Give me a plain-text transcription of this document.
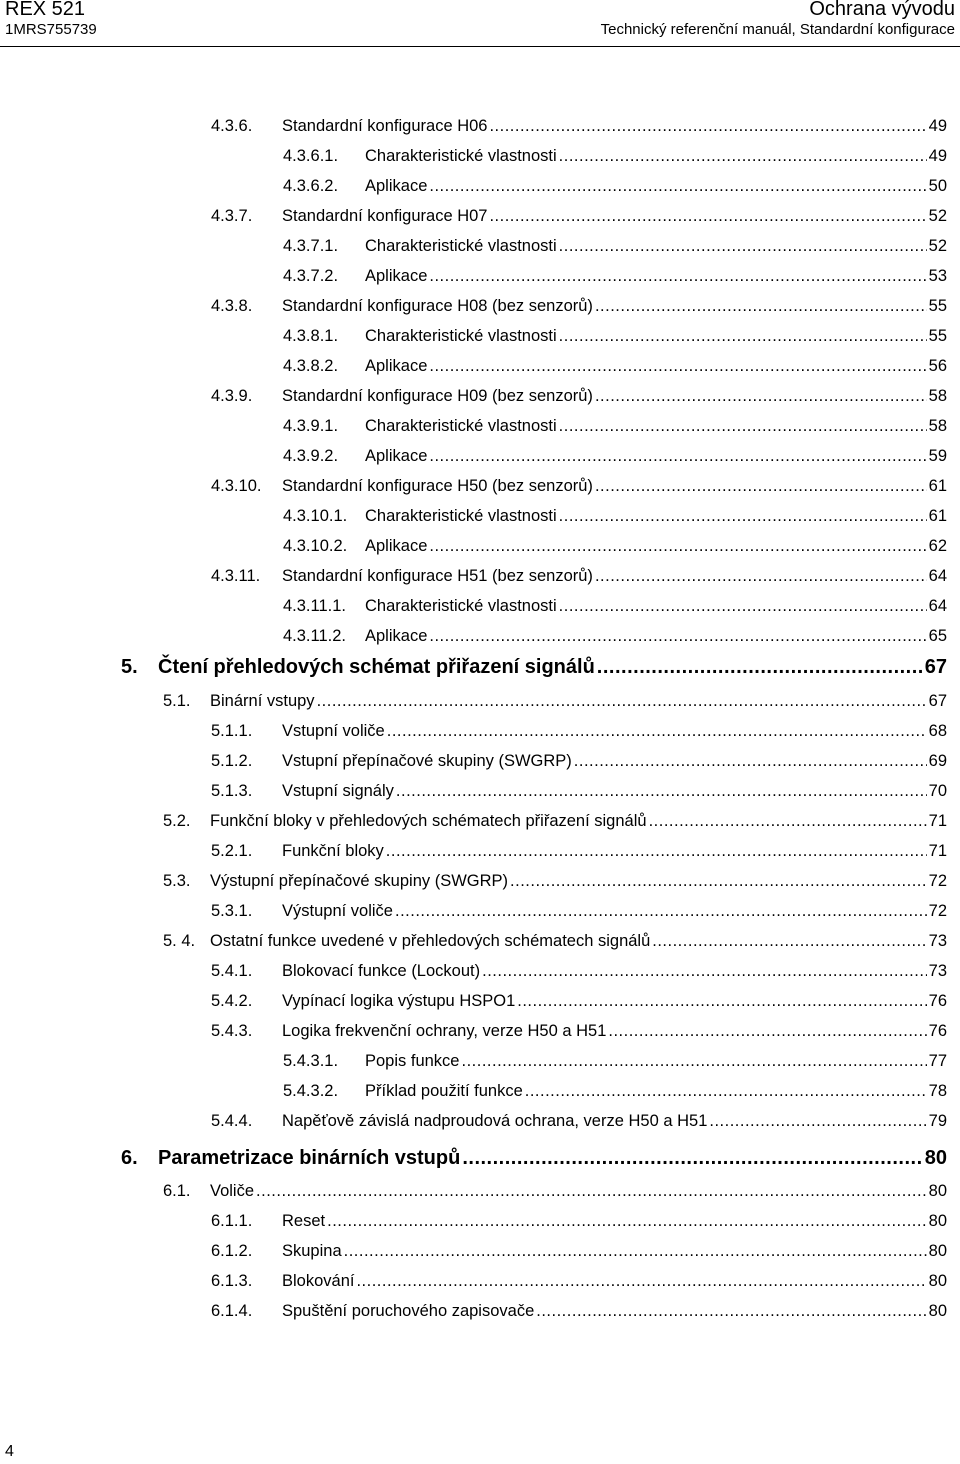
REX 521
1MRS755739
Ochrana vývodu
Technický referenční manuál, Standardní konfigurace
4.3.6.	Standardní konfigurace H06 .....	49
4.3.6.1.	Charakteristické vlastnosti .....	49
4.3.6.2.	Aplikace .....	50
4.3.7.	Standardní konfigurace H07 .....	52
4.3.7.1.	Charakteristické vlastnosti .....	52
4.3.7.2.	Aplikace .....	53
4.3.8.	Standardní konfigurace H08 (bez senzorů) .....	55
4.3.8.1.	Charakteristické vlastnosti .....	55
4.3.8.2.	Aplikace .....	56
4.3.9.	Standardní konfigurace H09 (bez senzorů) .....	58
4.3.9.1.	Charakteristické vlastnosti .....	58
4.3.9.2.	Aplikace .....	59
4.3.10.	Standardní konfigurace H50 (bez senzorů) .....	61
4.3.10.1.	Charakteristické vlastnosti .....	61
4.3.10.2.	Aplikace .....	62
4.3.11.	Standardní konfigurace H51 (bez senzorů) .....	64
4.3.11.1.	Charakteristické vlastnosti .....	64
4.3.11.2.	Aplikace .....	65
5.	Čtení přehledových schémat přiřazení signálů .....	67
5.1.	Binární vstupy .....	67
5.1.1.	Vstupní voliče .....	68
5.1.2.	Vstupní přepínačové skupiny (SWGRP) .....	69
5.1.3.	Vstupní signály .....	70
5.2.	Funkční bloky v přehledových schématech přiřazení signálů .....	71
5.2.1.	Funkční bloky .....	71
5.3.	Výstupní přepínačové skupiny (SWGRP) .....	72
5.3.1.	Výstupní voliče .....	72
5. 4. Ostatní funkce uvedené v přehledových schématech signálů .....	73
5.4.1.	Blokovací funkce (Lockout) .....	73
5.4.2.	Vypínací logika výstupu HSPO1 .....	76
5.4.3.	Logika frekvenční ochrany, verze H50 a H51 .....	76
5.4.3.1.	Popis funkce .....	77
5.4.3.2.	Příklad použití funkce .....	78
5.4.4.	Napěťově závislá nadproudová ochrana, verze H50 a H51 .....	79
6.	Parametrizace binárních vstupů .....	80
6.1.	Voliče .....	80
6.1.1.	Reset .....	80
6.1.2.	Skupina .....	80
6.1.3.	Blokování .....	80
6.1.4.	Spuštění poruchového zapisovače .....	80
4
